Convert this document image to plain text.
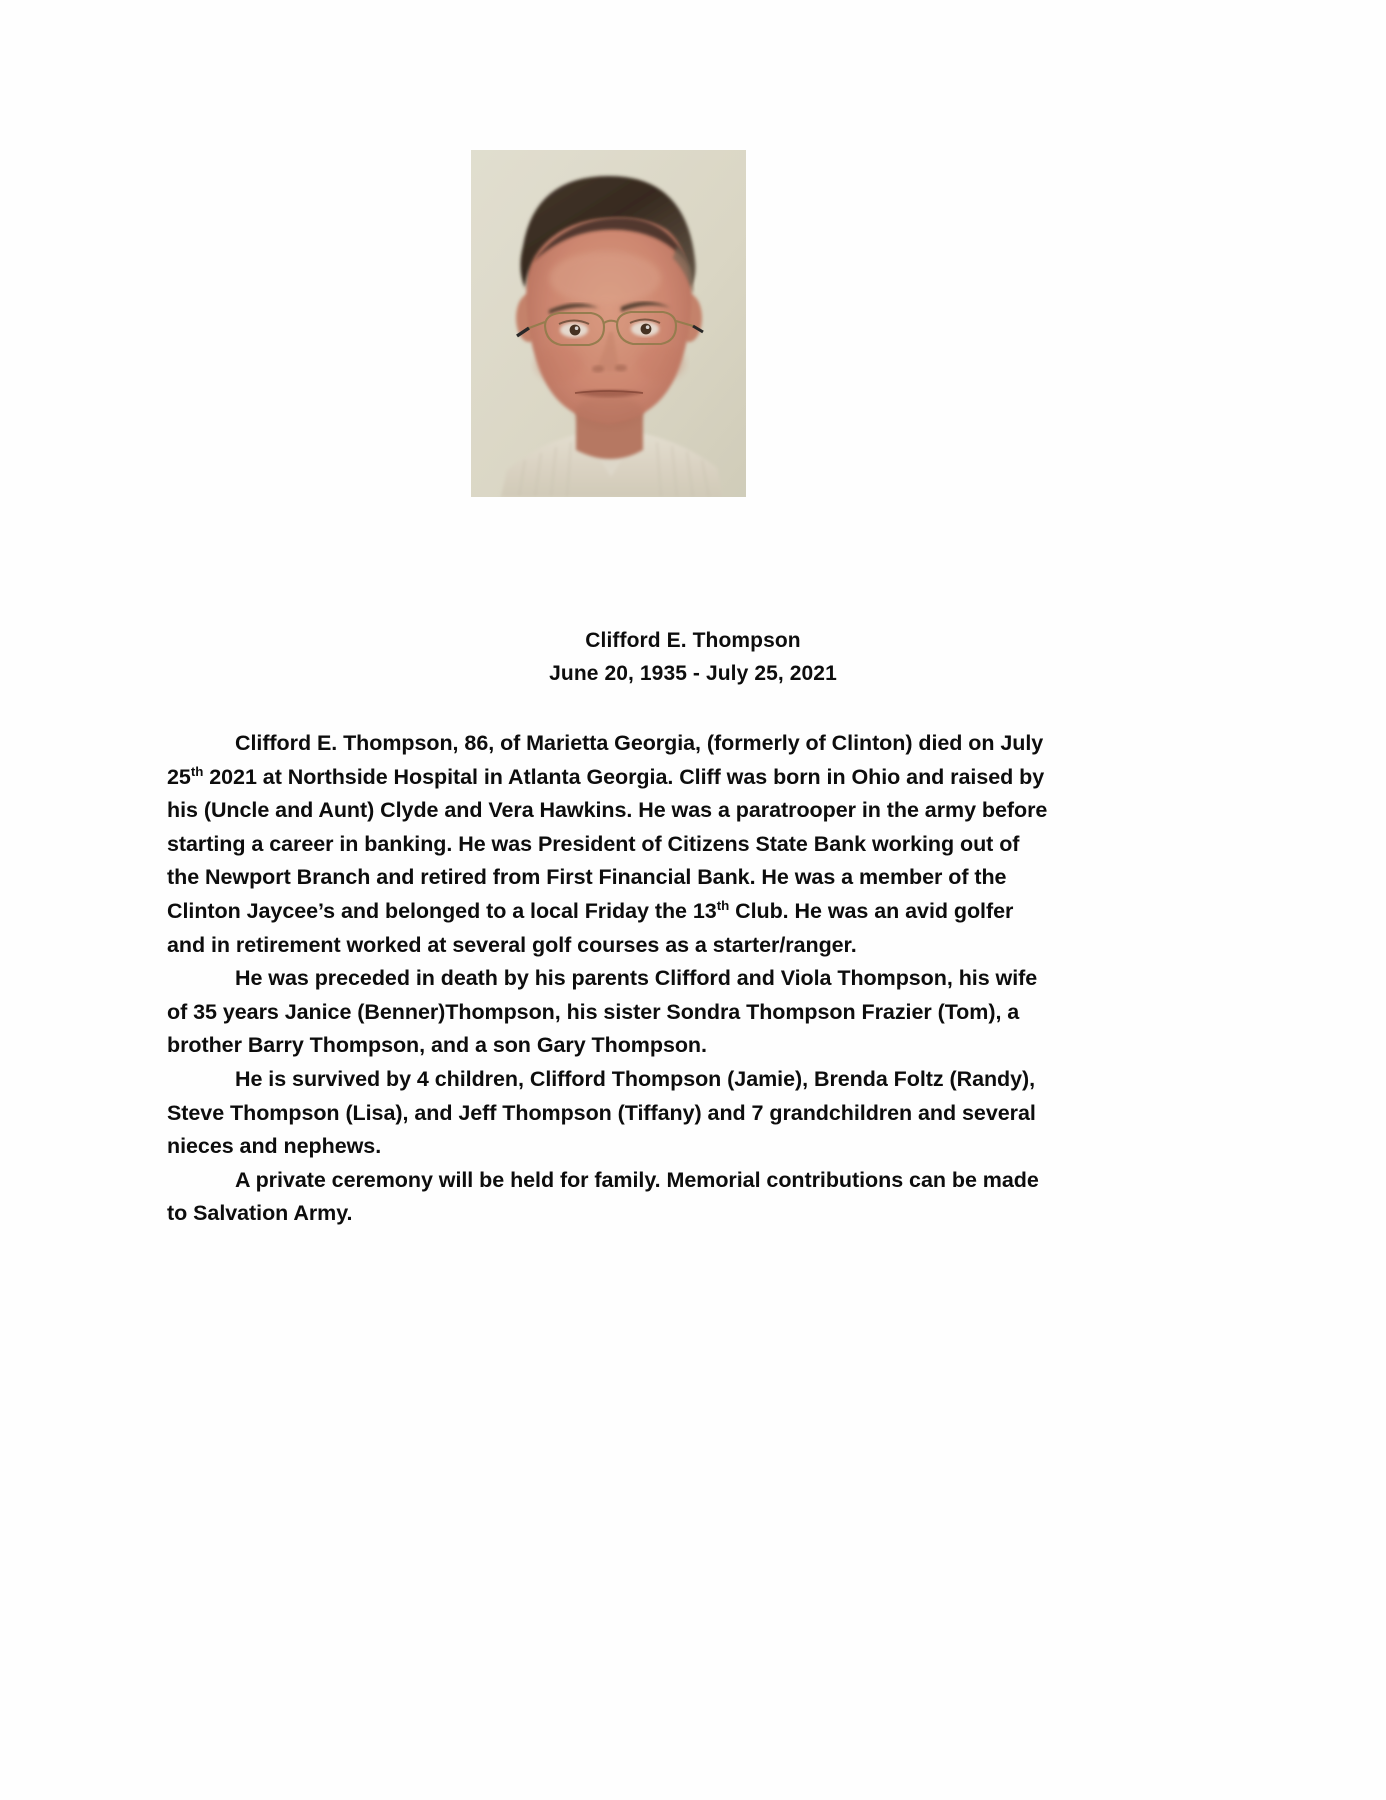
Clifford E. Thompson
June 20, 1935 - July 25, 2021

Clifford E. Thompson, 86, of Marietta Georgia, (formerly of Clinton) died on July 25th 2021 at Northside Hospital in Atlanta Georgia. Cliff was born in Ohio and raised by his (Uncle and Aunt) Clyde and Vera Hawkins. He was a paratrooper in the army before starting a career in banking. He was President of Citizens State Bank working out of the Newport Branch and retired from First Financial Bank. He was a member of the Clinton Jaycee’s and belonged to a local Friday the 13th Club. He was an avid golfer and in retirement worked at several golf courses as a starter/ranger.

He was preceded in death by his parents Clifford and Viola Thompson, his wife of 35 years Janice (Benner)Thompson, his sister Sondra Thompson Frazier (Tom), a brother Barry Thompson, and a son Gary Thompson.

He is survived by 4 children, Clifford Thompson (Jamie), Brenda Foltz (Randy), Steve Thompson (Lisa), and Jeff Thompson (Tiffany) and 7 grandchildren and several nieces and nephews.

A private ceremony will be held for family. Memorial contributions can be made to Salvation Army.
